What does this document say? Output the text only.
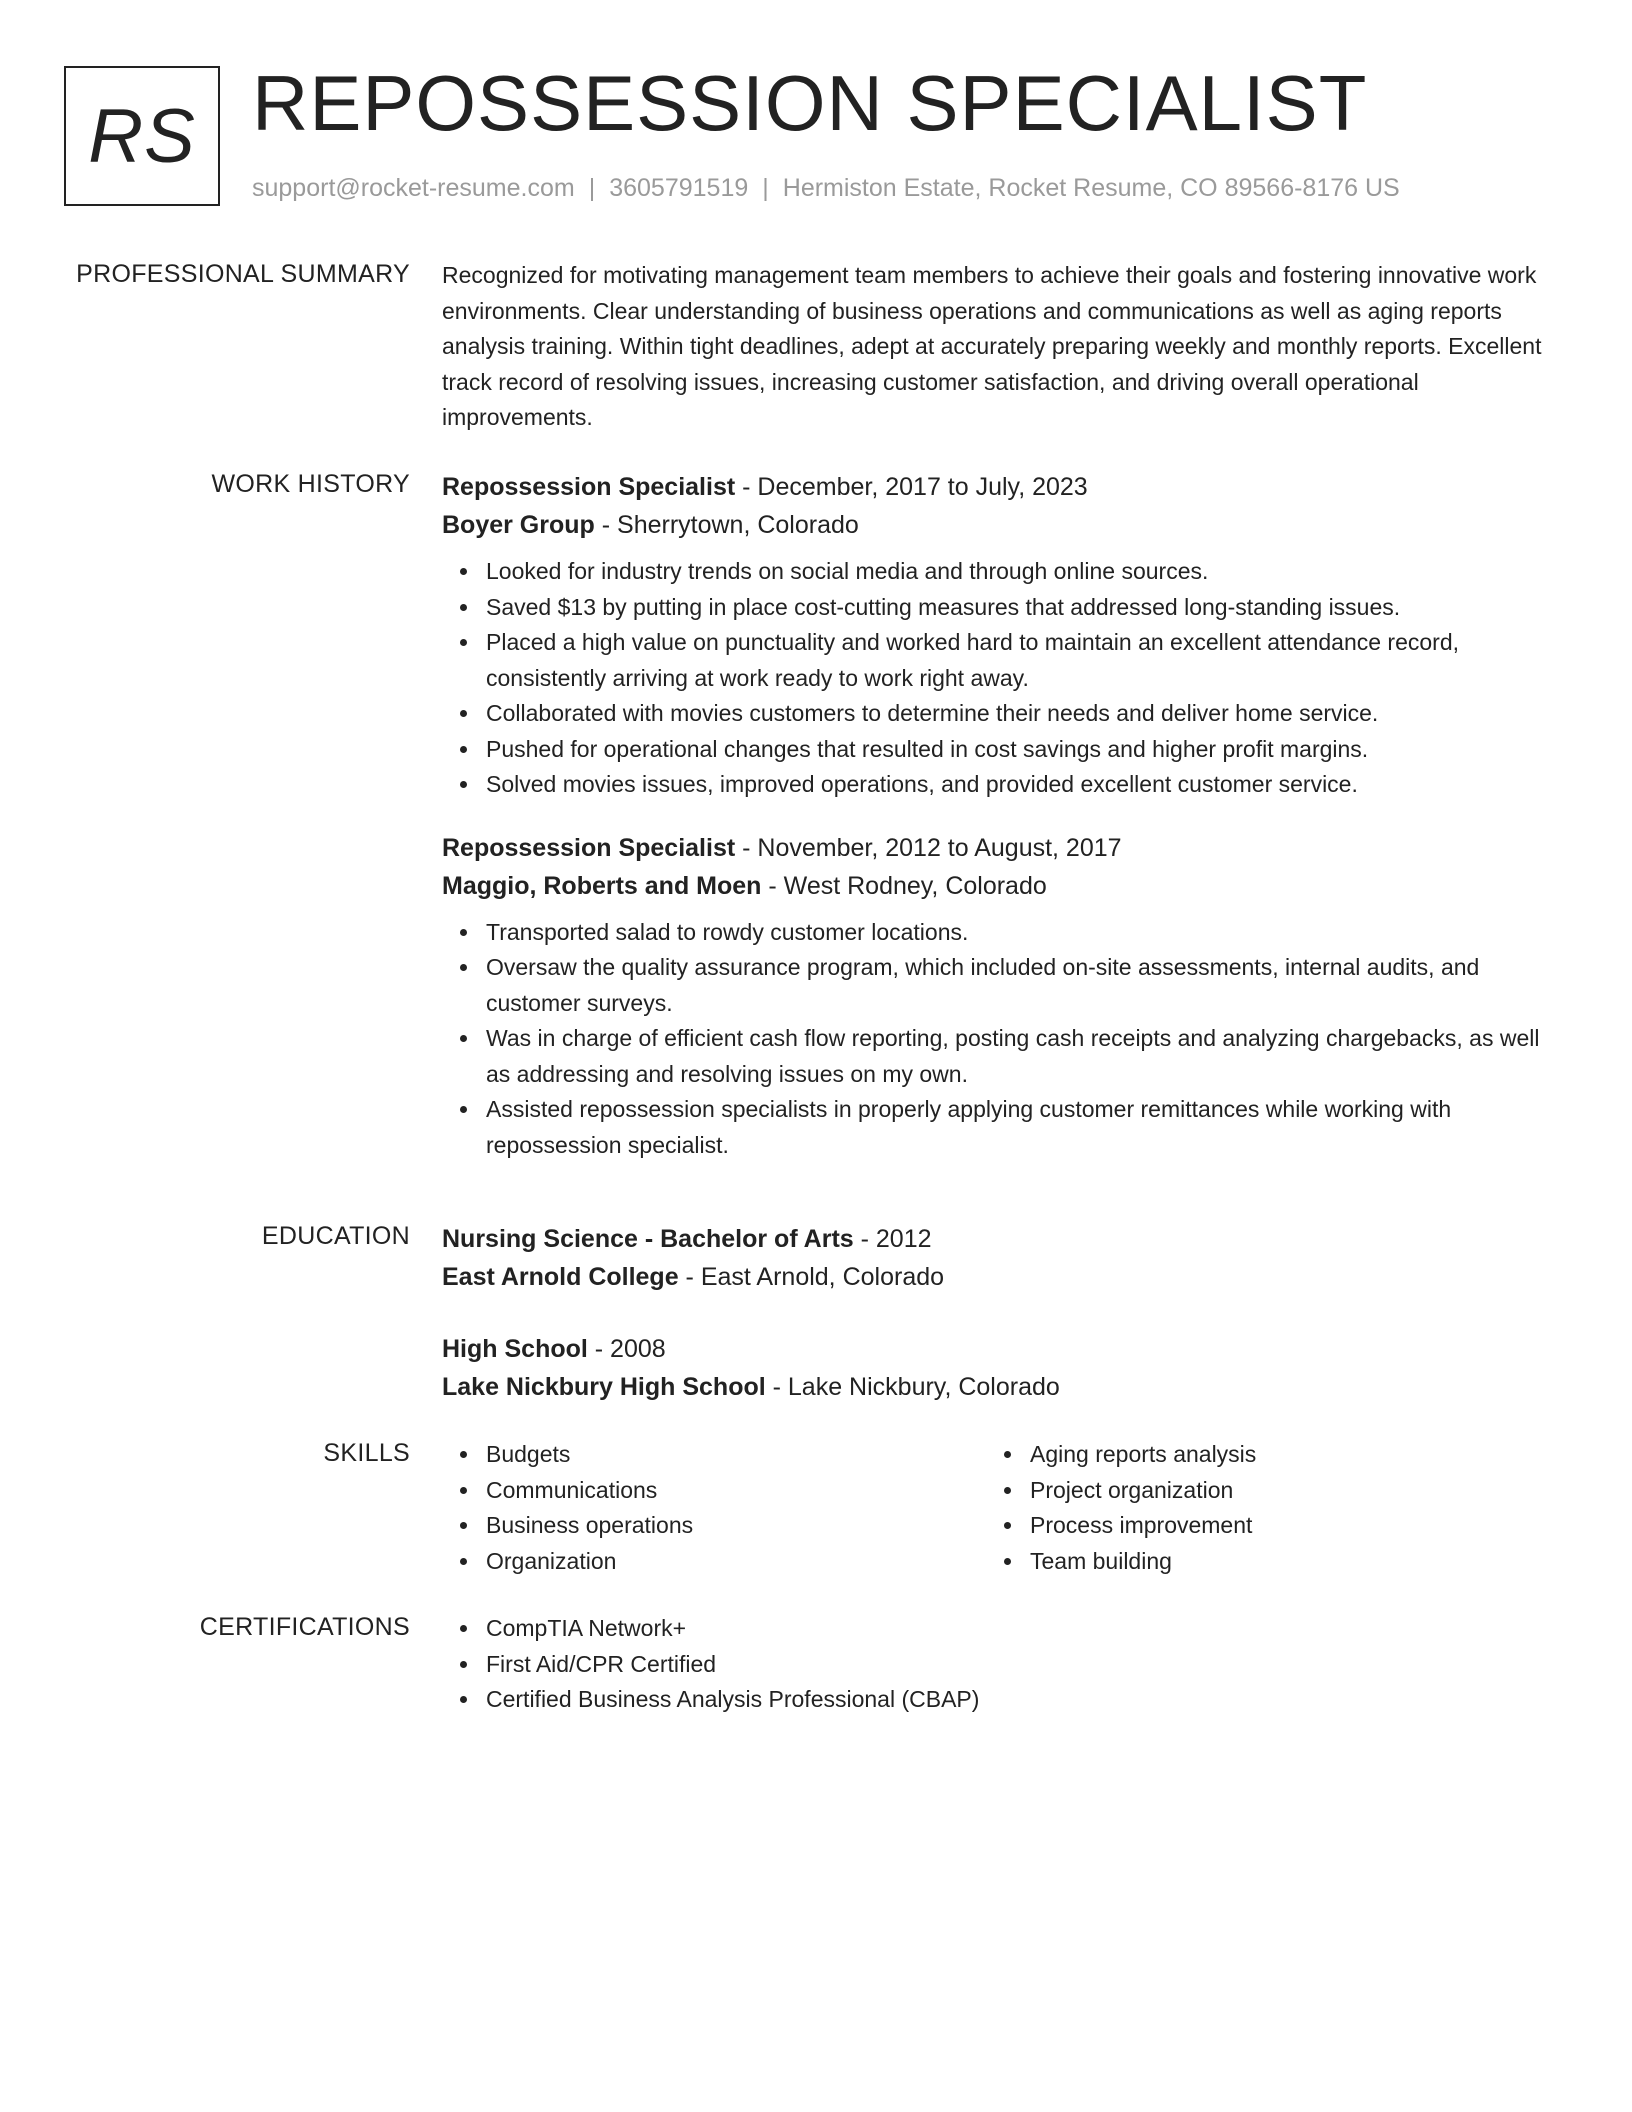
RS REPOSSESSION SPECIALIST
support@rocket-resume.com | 3605791519 | Hermiston Estate, Rocket Resume, CO 89566-8176 US
PROFESSIONAL SUMMARY Recognized for motivating management team members to achieve their goals and fostering innovative work environments. Clear understanding of business operations and communications as well as aging reports analysis training. Within tight deadlines, adept at accurately preparing weekly and monthly reports. Excellent track record of resolving issues, increasing customer satisfaction, and driving overall operational improvements.

WORK HISTORY Repossession Specialist - December, 2017 to July, 2023
Boyer Group - Sherrytown, Colorado
Looked for industry trends on social media and through online sources.
Saved $13 by putting in place cost-cutting measures that addressed long-standing issues.
Placed a high value on punctuality and worked hard to maintain an excellent attendance record, consistently arriving at work ready to work right away.
Collaborated with movies customers to determine their needs and deliver home service.
Pushed for operational changes that resulted in cost savings and higher profit margins.
Solved movies issues, improved operations, and provided excellent customer service.
Repossession Specialist - November, 2012 to August, 2017
Maggio, Roberts and Moen - West Rodney, Colorado
Transported salad to rowdy customer locations.
Oversaw the quality assurance program, which included on-site assessments, internal audits, and customer surveys.
Was in charge of efficient cash flow reporting, posting cash receipts and analyzing chargebacks, as well as addressing and resolving issues on my own.
Assisted repossession specialists in properly applying customer remittances while working with repossession specialist.
EDUCATION Nursing Science - Bachelor of Arts - 2012
East Arnold College - East Arnold, Colorado
High School - 2008
Lake Nickbury High School - Lake Nickbury, Colorado
SKILLS	Budgets
Communications
Business operations
Organization
Aging reports analysis
Project organization
Process improvement
Team building
CERTIFICATIONS	CompTIA Network+
First Aid/CPR Certified
Certified Business Analysis Professional (CBAP)
